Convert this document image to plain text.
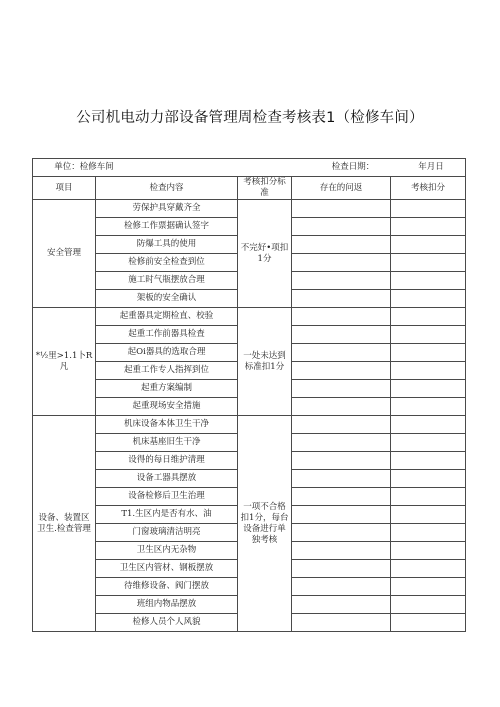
公司机电动力部设备管理周检查考核表1（检修车间）
单位：检修车间 检查日期： 年月日				
项目	检查内容	考核扣分标准	存在的问返	考核扣分
安全管理	劳保护具穿戴齐全	不完好•项扣1分		
	检修工作票据确认签字			
	防爆工具的使用			
	检修前安全检查到位			
	施工时气瓶摆放合理			
	架板的安全确认			
*½里>1.1卜R凡	起重器具定期检直、校验	一处未达到标准扣1分		
	起重工作前器具检査			
	起Oi器具的选取合理			
	起重工作专人指挥到位			
	起重方案编制			
	起重现场安全措施			
设备、装置区卫生.检查管理	机床设备本体卫生干净	一项不合格扣1分，每台设备进行单独考核		
	机床基座旧生干净			
	设得的每日维护清理			
	设备工器具摆放			
	设备检修后卫生治理			
	T1.生区内是否有水、油			
	门窗玻璃清洁明亮			
	卫生区内无杂物			
	卫生区内管材、钢板摆放			
	待维修设备、阀门摆放			
	班组内物品摆放			
	检修人员个人风貌			
